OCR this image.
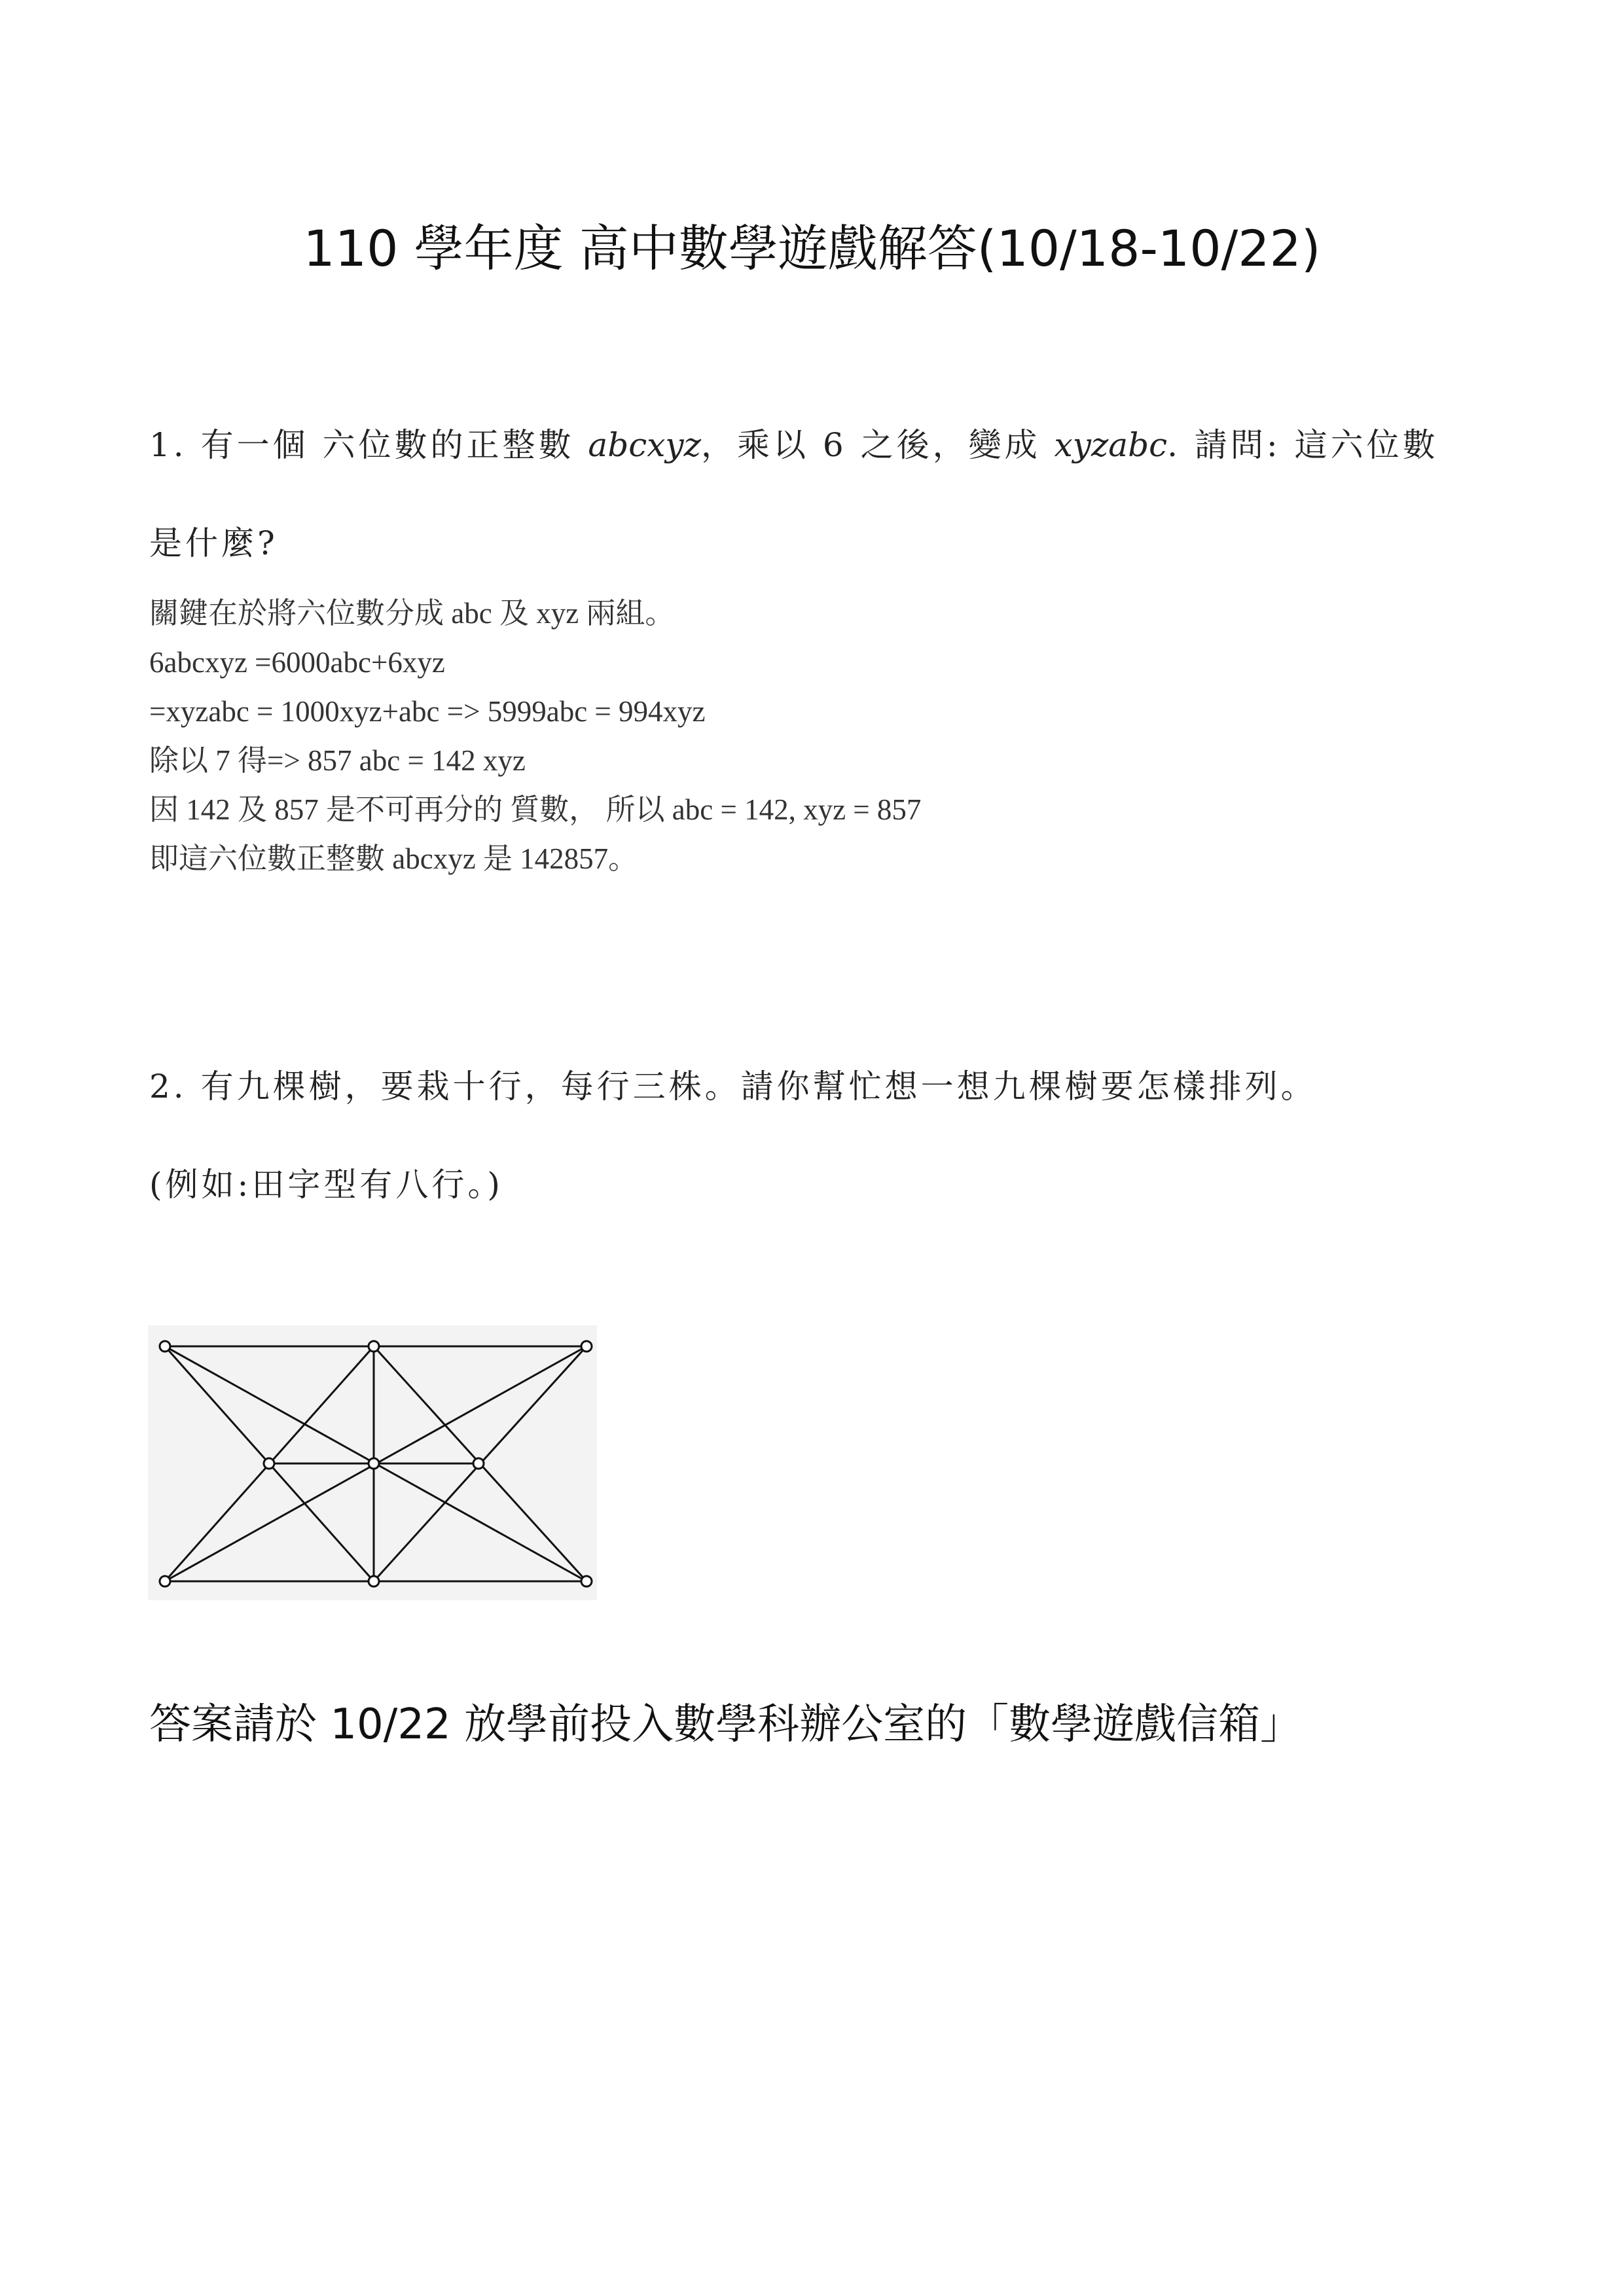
110 學年度 高中數學遊戲解答(10/18-10/22)
1. 有一個 六位數的正整數 abcxyz，乘以 6 之後，變成 xyzabc. 請問: 這六位數
是什麼?
關鍵在於將六位數分成 abc 及 xyz 兩組。
6abcxyz =6000abc+6xyz
=xyzabc = 1000xyz+abc => 5999abc = 994xyz
除以 7 得=> 857 abc = 142 xyz
因 142 及 857 是不可再分的 質數， 所以 abc = 142, xyz = 857
即這六位數正整數 abcxyz 是 142857。
2. 有九棵樹，要栽十行，每行三株。請你幫忙想一想九棵樹要怎樣排列。
(例如:田字型有八行。)
答案請於 10/22 放學前投入數學科辦公室的「數學遊戲信箱」
